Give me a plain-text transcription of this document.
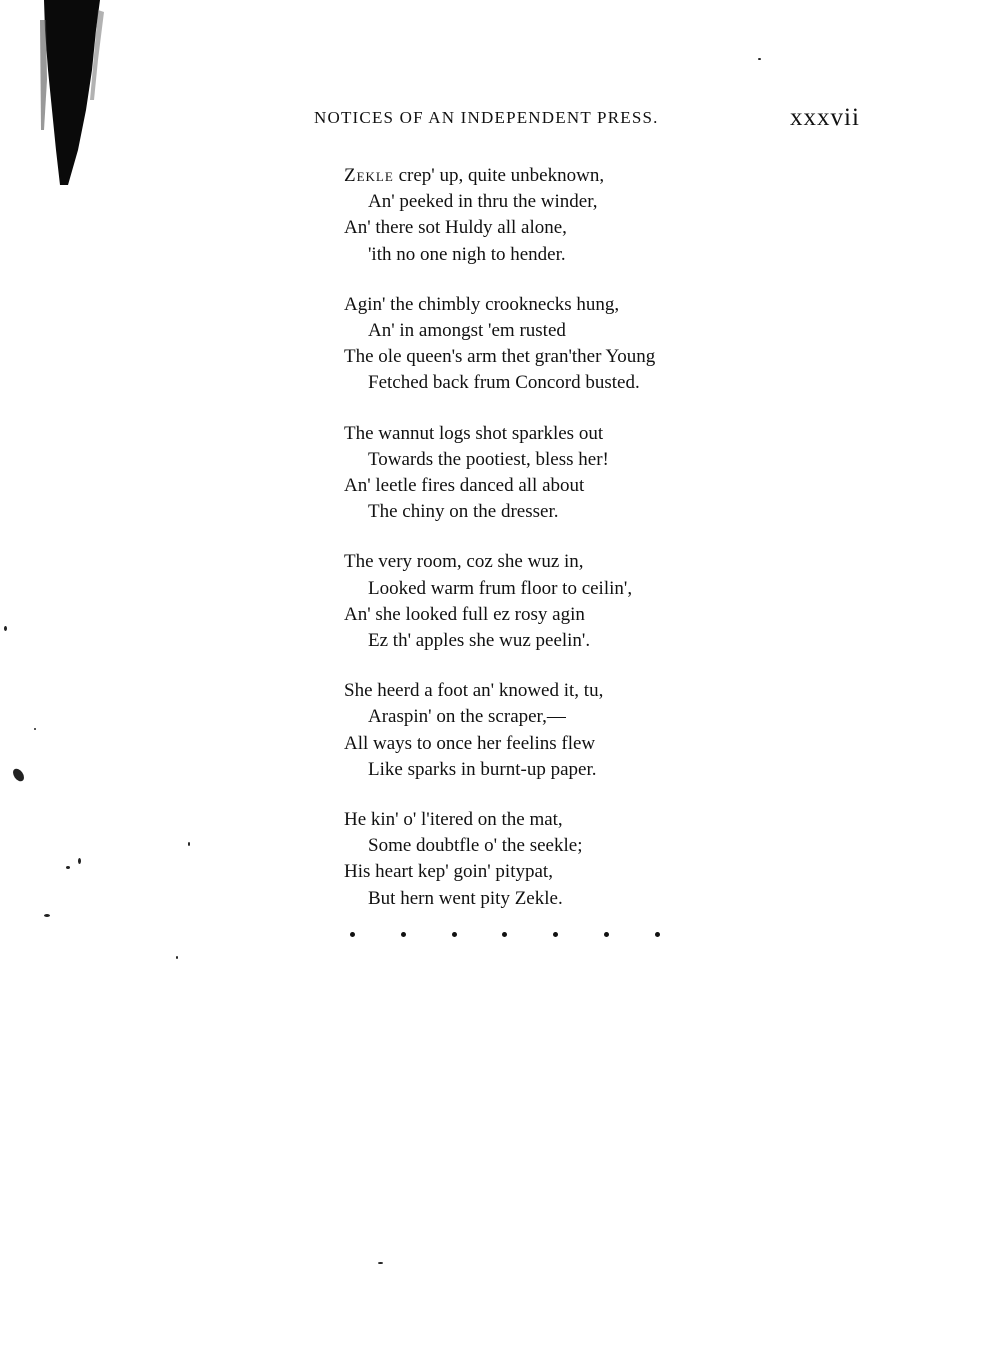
NOTICES OF AN INDEPENDENT PRESS.	xxxvii
Zekle crep' up, quite unbeknown,
An' peeked in thru the winder,
An' there sot Huldy all alone,
'ith no one nigh to hender.
Agin' the chimbly crooknecks hung,
An' in amongst 'em rusted
The ole queen's arm thet gran'ther Young
Fetched back frum Concord busted.
The wannut logs shot sparkles out
Towards the pootiest, bless her!
An' leetle fires danced all about
The chiny on the dresser.
The very room, coz she wuz in,
Looked warm frum floor to ceilin',
An' she looked full ez rosy agin
Ez th' apples she wuz peelin'.
She heerd a foot an' knowed it, tu,
Araspin' on the scraper,—
All ways to once her feelins flew
Like sparks in burnt-up paper.
He kin' o' l'itered on the mat,
Some doubtfle o' the seekle;
His heart kep' goin' pitypat,
But hern went pity Zekle.
